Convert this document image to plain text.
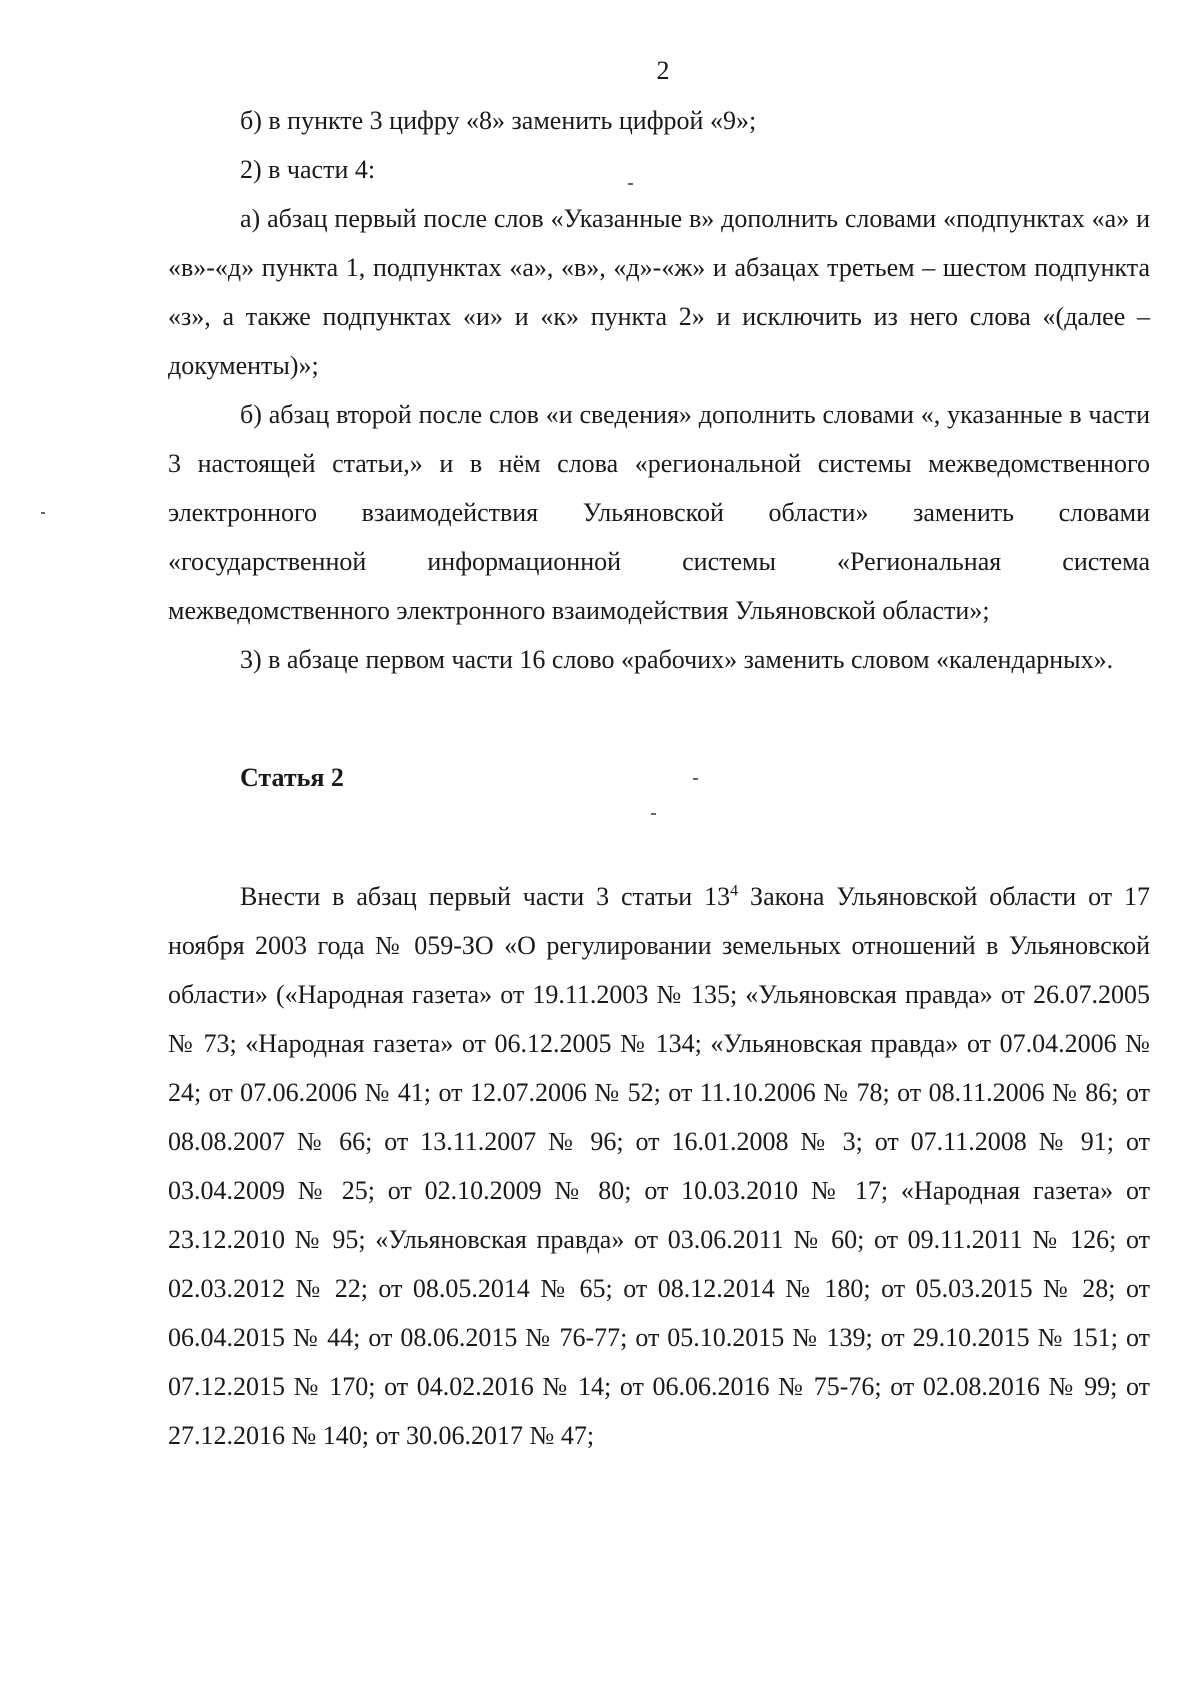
2

б) в пункте 3 цифру «8» заменить цифрой «9»;

2) в части 4:

а) абзац первый после слов «Указанные в» дополнить словами «подпунктах «а» и «в»-«д» пункта 1, подпунктах «а», «в», «д»-«ж» и абзацах третьем – шестом подпункта «з», а также подпунктах «и» и «к» пункта 2» и исключить из него слова «(далее – документы)»;

б) абзац второй после слов «и сведения» дополнить словами «, указанные в части 3 настоящей статьи,» и в нём слова «региональной системы межведомственного электронного взаимодействия Ульяновской области» заменить словами «государственной информационной системы «Региональная система межведомственного электронного взаимодействия Ульяновской области»;

3) в абзаце первом части 16 слово «рабочих» заменить словом «календарных».

Статья 2

Внести в абзац первый части 3 статьи $13^4$ Закона Ульяновской области от 17 ноября 2003 года № 059-ЗО «О регулировании земельных отношений в Ульяновской области» («Народная газета» от 19.11.2003 № 135; «Ульяновская правда» от 26.07.2005 № 73; «Народная газета» от 06.12.2005 № 134; «Ульяновская правда» от 07.04.2006 № 24; от 07.06.2006 № 41; от 12.07.2006 № 52; от 11.10.2006 № 78; от 08.11.2006 № 86; от 08.08.2007 № 66; от 13.11.2007 № 96; от 16.01.2008 № 3; от 07.11.2008 № 91; от 03.04.2009 № 25; от 02.10.2009 № 80; от 10.03.2010 № 17; «Народная газета» от 23.12.2010 № 95; «Ульяновская правда» от 03.06.2011 № 60; от 09.11.2011 № 126; от 02.03.2012 № 22; от 08.05.2014 № 65; от 08.12.2014 № 180; от 05.03.2015 № 28; от 06.04.2015 № 44; от 08.06.2015 № 76-77; от 05.10.2015 № 139; от 29.10.2015 № 151; от 07.12.2015 № 170; от 04.02.2016 № 14; от 06.06.2016 № 75-76; от 02.08.2016 № 99; от 27.12.2016 № 140; от 30.06.2017 № 47;
